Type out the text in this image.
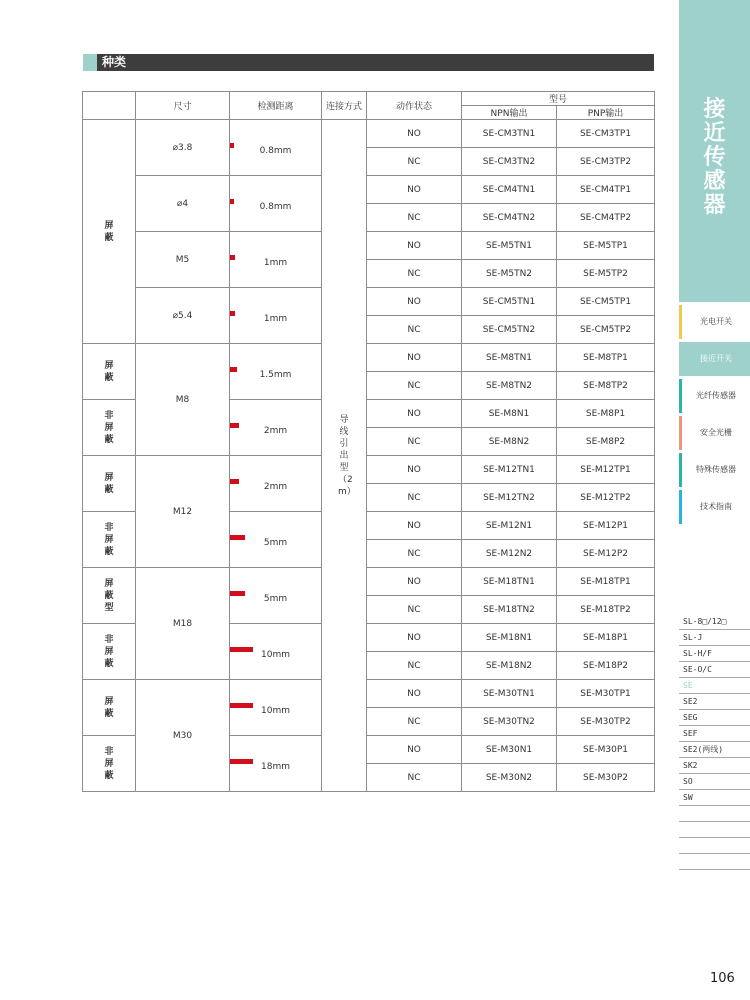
种类
	尺寸	检测距离	连接方式	动作状态	型号	
					NPN输出	PNP输出
屏蔽	⌀3.8	0.8mm	导线引出型（2m）	NO	SE-CM3TN1	SE-CM3TP1
				NC	SE-CM3TN2	SE-CM3TP2
	⌀4	0.8mm		NO	SE-CM4TN1	SE-CM4TP1
				NC	SE-CM4TN2	SE-CM4TP2
	M5	1mm		NO	SE-M5TN1	SE-M5TP1
				NC	SE-M5TN2	SE-M5TP2
	⌀5.4	1mm		NO	SE-CM5TN1	SE-CM5TP1
				NC	SE-CM5TN2	SE-CM5TP2
屏蔽	M8	1.5mm		NO	SE-M8TN1	SE-M8TP1
				NC	SE-M8TN2	SE-M8TP2
非屏蔽		2mm		NO	SE-M8N1	SE-M8P1
				NC	SE-M8N2	SE-M8P2
屏蔽	M12	2mm		NO	SE-M12TN1	SE-M12TP1
				NC	SE-M12TN2	SE-M12TP2
非屏蔽		5mm		NO	SE-M12N1	SE-M12P1
				NC	SE-M12N2	SE-M12P2
屏蔽型	M18	5mm		NO	SE-M18TN1	SE-M18TP1
				NC	SE-M18TN2	SE-M18TP2
非屏蔽		10mm		NO	SE-M18N1	SE-M18P1
				NC	SE-M18N2	SE-M18P2
屏蔽	M30	10mm		NO	SE-M30TN1	SE-M30TP1
				NC	SE-M30TN2	SE-M30TP2
非屏蔽		18mm		NO	SE-M30N1	SE-M30P1
				NC	SE-M30N2	SE-M30P2
接近传感器
光电开关
接近开关
光纤传感器
安全光栅
特殊传感器
技术指南
SL-8□/12□
SL-J
SL-H/F
SE-O/C
SE
SE2
SEG
SEF
SE2(两线)
SK2
SO
SW
106
